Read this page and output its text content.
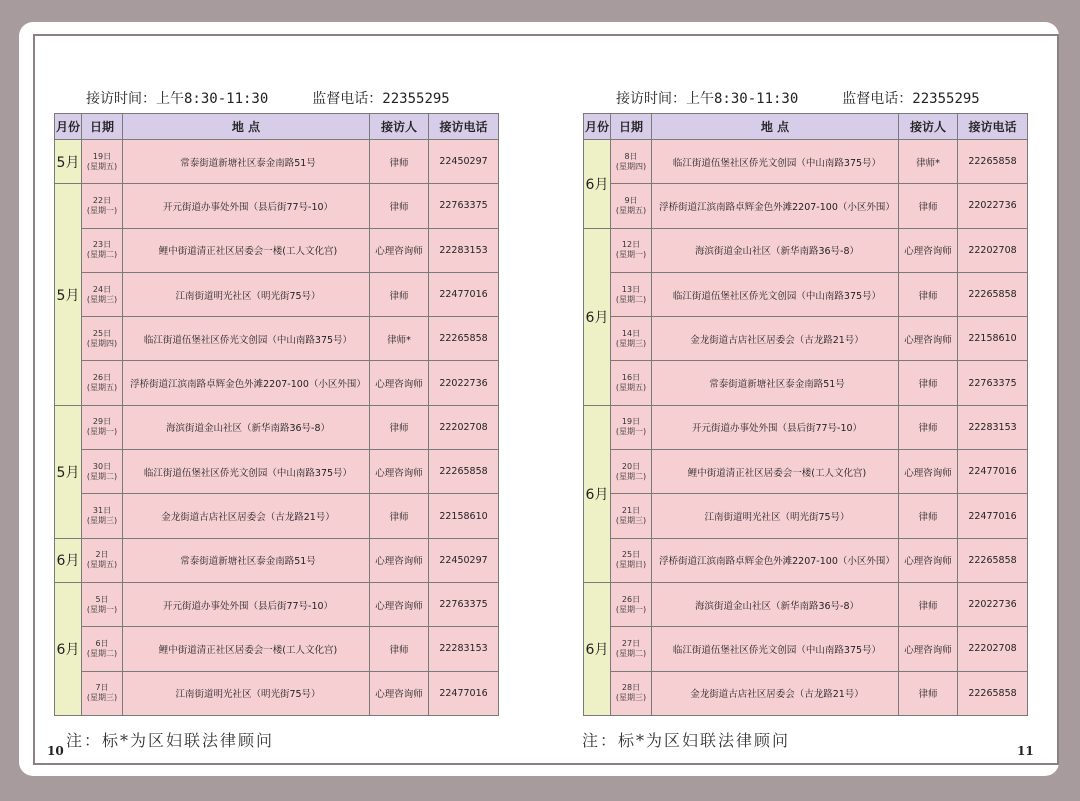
接访时间：上午8:30-11:30	监督电话：22355295
月份	日期	地 点	接访人	接访电话
5月	19日
(星期五)	常泰街道新塘社区泰金南路51号	律师	22450297
5月	22日
(星期一)	开元街道办事处外围（县后街77号-10）	律师	22763375

	23日
(星期二)	鲤中街道清正社区居委会一楼(工人文化宫)	心理咨询师	22283153

	24日
(星期三)	江南街道明光社区（明光街75号）	律师	22477016

	25日
(星期四)	临江街道伍堡社区侨光文创园（中山南路375号）	律师*	22265858

	26日
(星期五)	浮桥街道江滨南路卓辉金色外滩2207-100（小区外围）	心理咨询师	22022736
5月	29日
(星期一)	海滨街道金山社区（新华南路36号-8）	律师	22202708

	30日
(星期二)	临江街道伍堡社区侨光文创园（中山南路375号）	心理咨询师	22265858

	31日
(星期三)	金龙街道古店社区居委会（古龙路21号）	律师	22158610
6月	2日
(星期五)	常泰街道新塘社区泰金南路51号	心理咨询师	22450297
6月	5日
(星期一)	开元街道办事处外围（县后街77号-10）	心理咨询师	22763375

	6日
(星期二)	鲤中街道清正社区居委会一楼(工人文化宫)	律师	22283153

	7日
(星期三)	江南街道明光社区（明光街75号）	心理咨询师	22477016
注：标*为区妇联法律顾问
10
接访时间：上午8:30-11:30	监督电话：22355295
月份	日期	地 点	接访人	接访电话
6月	8日
(星期四)	临江街道伍堡社区侨光文创园（中山南路375号）	律师*	22265858

	9日
(星期五)	浮桥街道江滨南路卓辉金色外滩2207-100（小区外围）	律师	22022736
6月	12日
(星期一)	海滨街道金山社区（新华南路36号-8）	心理咨询师	22202708

	13日
(星期二)	临江街道伍堡社区侨光文创园（中山南路375号）	律师	22265858

	14日
(星期三)	金龙街道古店社区居委会（古龙路21号）	心理咨询师	22158610

	16日
(星期五)	常泰街道新塘社区泰金南路51号	律师	22763375
6月	19日
(星期一)	开元街道办事处外围（县后街77号-10）	律师	22283153

	20日
(星期二)	鲤中街道清正社区居委会一楼(工人文化宫)	心理咨询师	22477016

	21日
(星期三)	江南街道明光社区（明光街75号）	律师	22477016

	25日
(星期日)	浮桥街道江滨南路卓辉金色外滩2207-100（小区外围）	心理咨询师	22265858
6月	26日
(星期一)	海滨街道金山社区（新华南路36号-8）	律师	22022736

	27日
(星期二)	临江街道伍堡社区侨光文创园（中山南路375号）	心理咨询师	22202708

	28日
(星期三)	金龙街道古店社区居委会（古龙路21号）	律师	22265858
注：标*为区妇联法律顾问
11
